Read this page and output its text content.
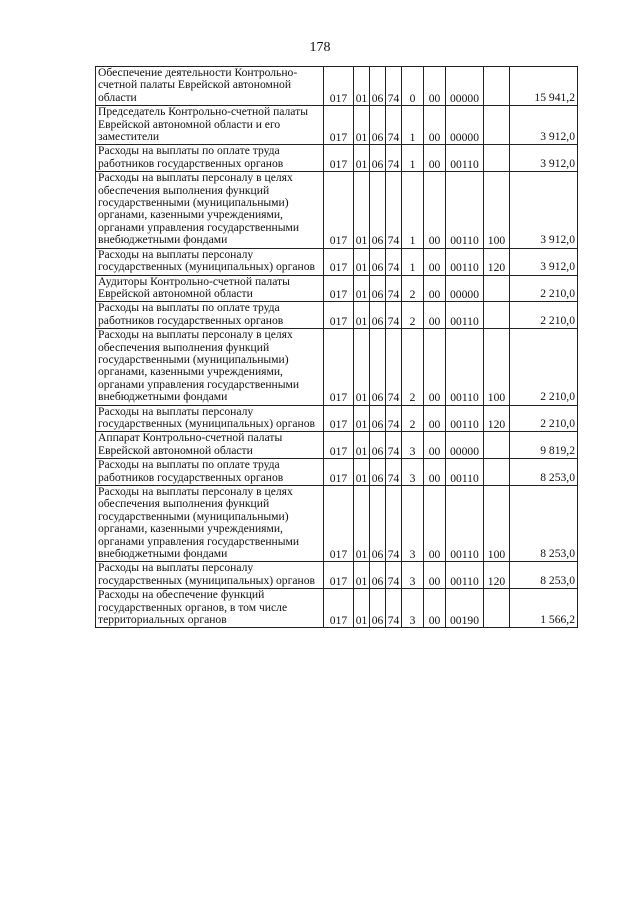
178
Обеспечение деятельности Контрольно-счетной палаты Еврейской автономной области	017	01	06	74	0	00	00000		15 941,2
Председатель Контрольно-счетной палаты Еврейской автономной области и его заместители	017	01	06	74	1	00	00000		3 912,0
Расходы на выплаты по оплате труда работников государственных органов	017	01	06	74	1	00	00110		3 912,0
Расходы на выплаты персоналу в целях обеспечения выполнения функций государственными (муниципальными) органами, казенными учреждениями, органами управления государственными внебюджетными фондами	017	01	06	74	1	00	00110	100	3 912,0
Расходы на выплаты персоналу государственных (муниципальных) органов	017	01	06	74	1	00	00110	120	3 912,0
Аудиторы Контрольно-счетной палаты Еврейской автономной области	017	01	06	74	2	00	00000		2 210,0
Расходы на выплаты по оплате труда работников государственных органов	017	01	06	74	2	00	00110		2 210,0
Расходы на выплаты персоналу в целях обеспечения выполнения функций государственными (муниципальными) органами, казенными учреждениями, органами управления государственными внебюджетными фондами	017	01	06	74	2	00	00110	100	2 210,0
Расходы на выплаты персоналу государственных (муниципальных) органов	017	01	06	74	2	00	00110	120	2 210,0
Аппарат Контрольно-счетной палаты Еврейской автономной области	017	01	06	74	3	00	00000		9 819,2
Расходы на выплаты по оплате труда работников государственных органов	017	01	06	74	3	00	00110		8 253,0
Расходы на выплаты персоналу в целях обеспечения выполнения функций государственными (муниципальными) органами, казенными учреждениями, органами управления государственными внебюджетными фондами	017	01	06	74	3	00	00110	100	8 253,0
Расходы на выплаты персоналу государственных (муниципальных) органов	017	01	06	74	3	00	00110	120	8 253,0
Расходы на обеспечение функций государственных органов, в том числе территориальных органов	017	01	06	74	3	00	00190		1 566,2
